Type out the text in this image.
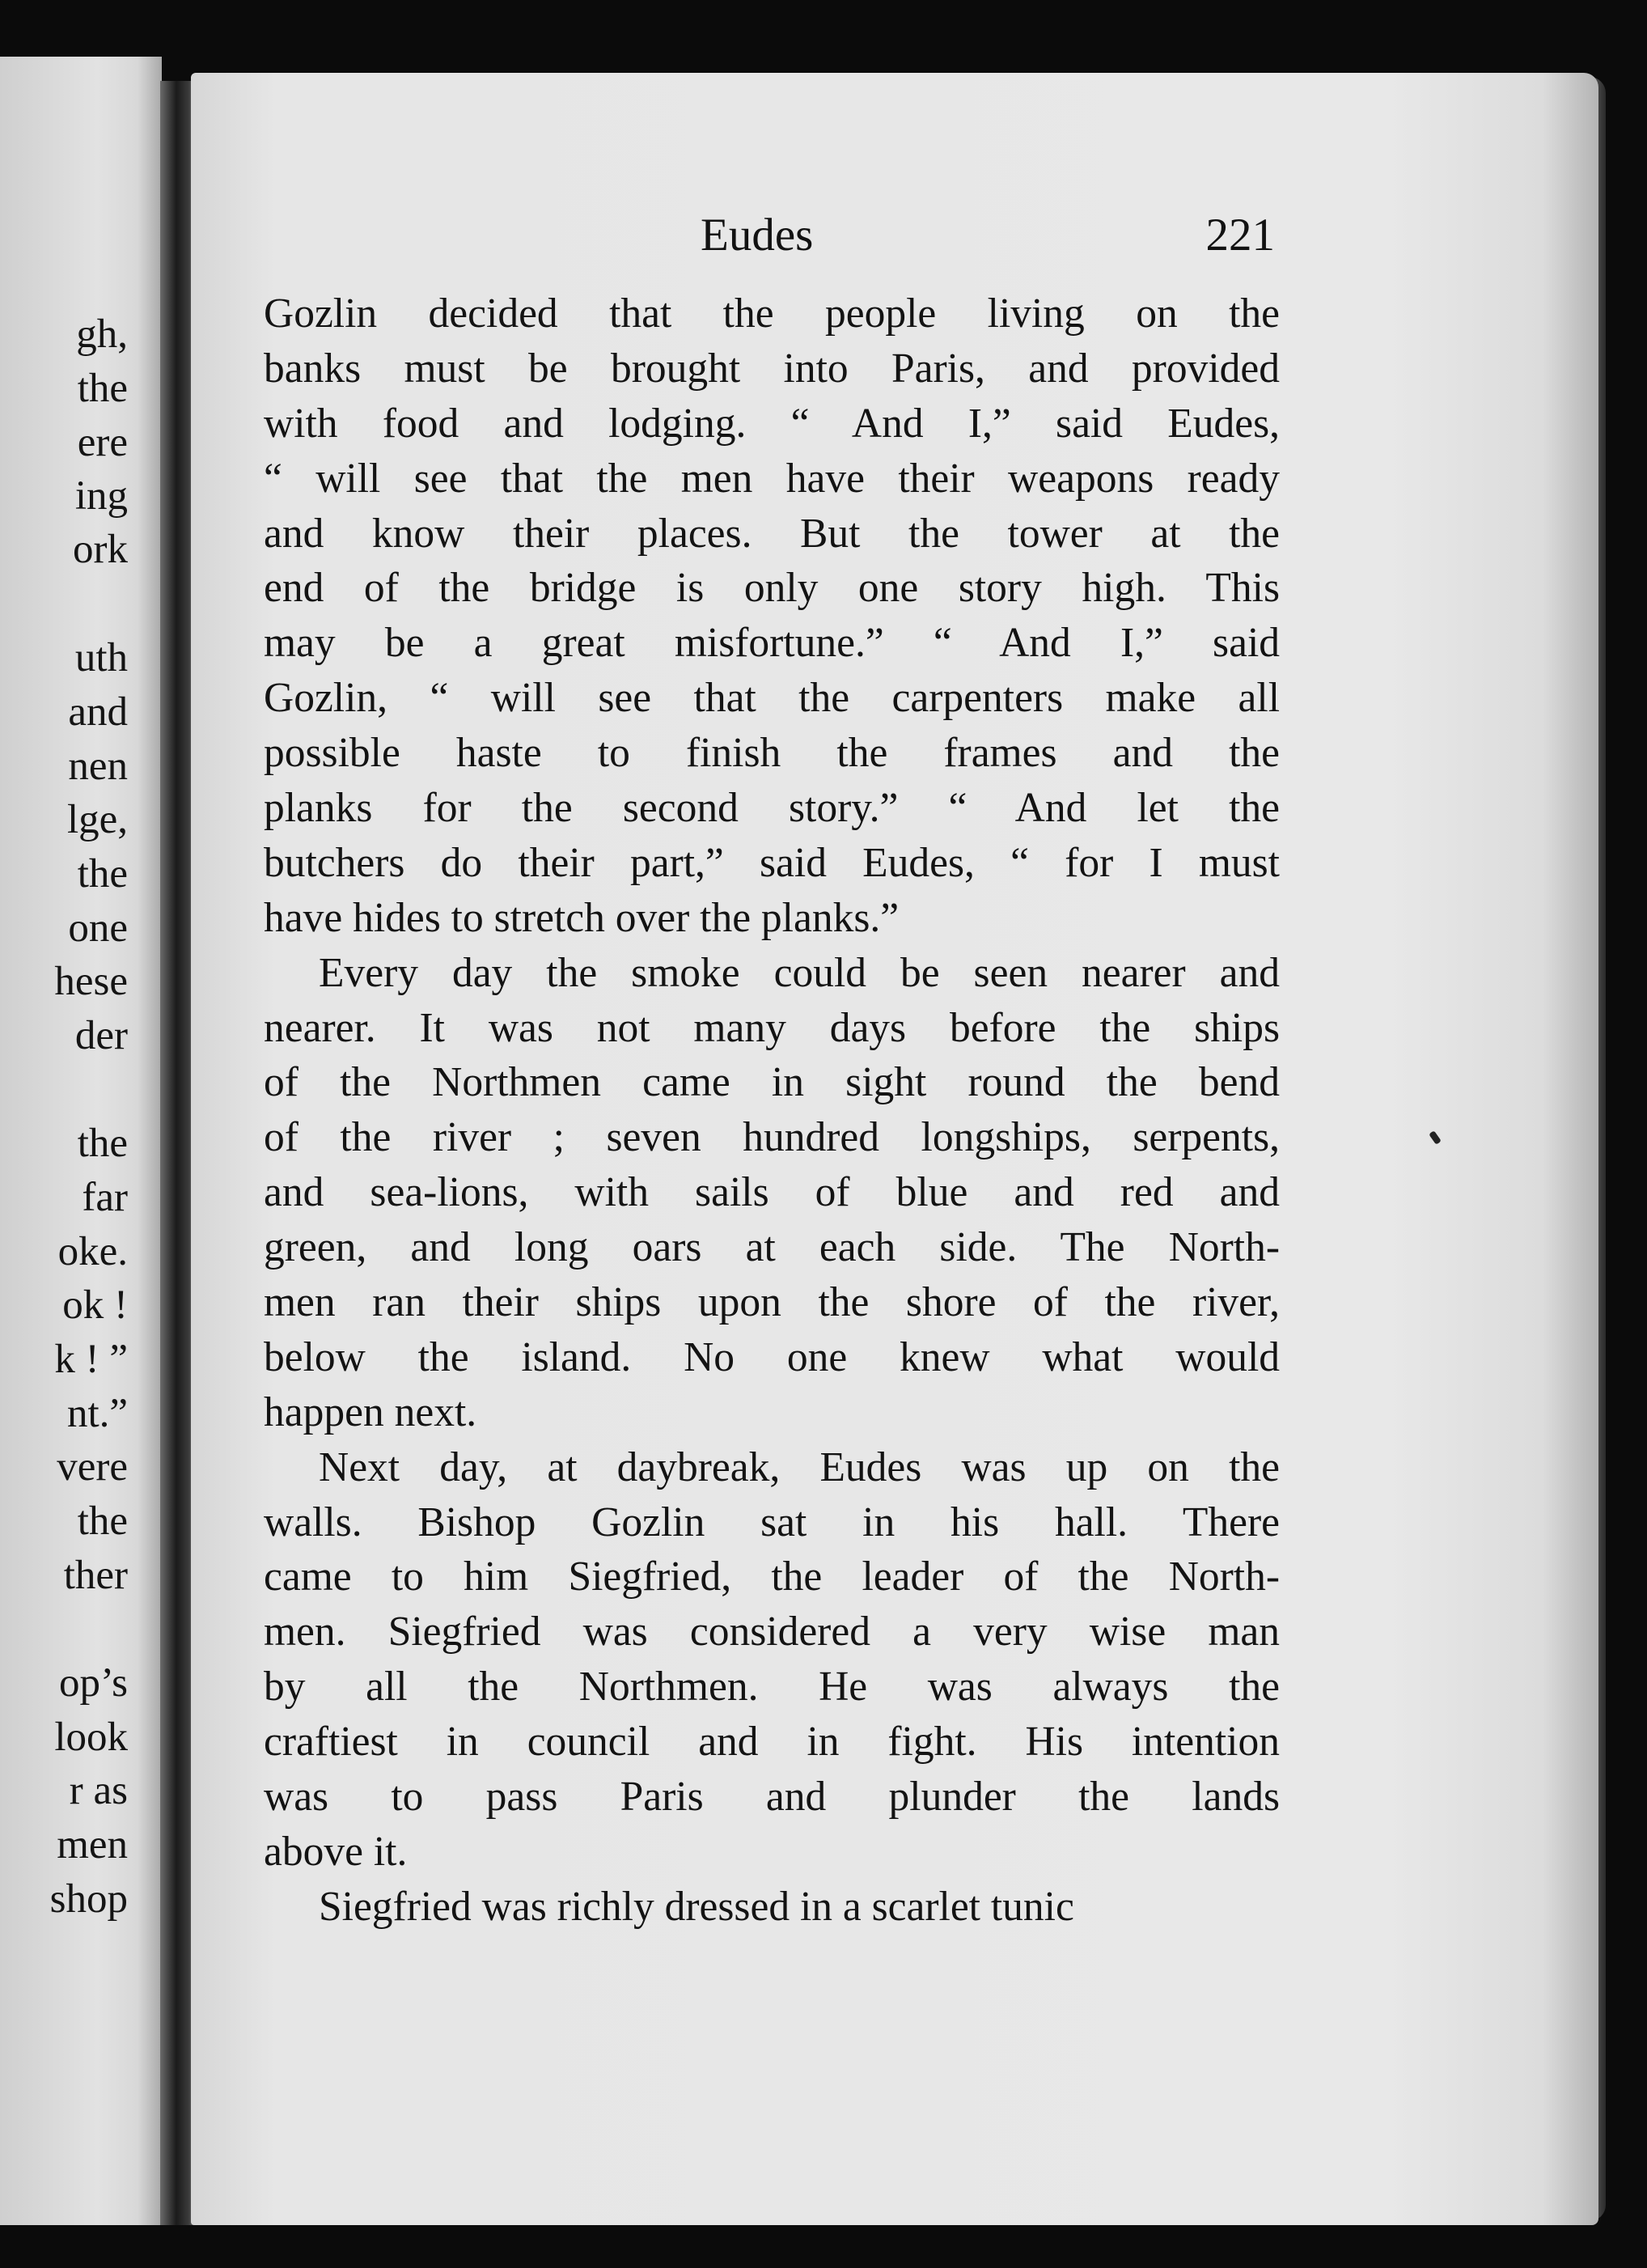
gh,
the
ere
ing
ork
uth
and
nen
lge,
the
one
hese
der
the
far
oke.
ok !
k ! ”
nt.”
vere
the
ther
op’s
look
r as
men
shop
Eudes	221
Gozlin decided that the people living on the
banks must be brought into Paris, and provided
with food and lodging. “ And I,” said Eudes,
“ will see that the men have their weapons ready
and know their places. But the tower at the
end of the bridge is only one story high. This
may be a great misfortune.” “ And I,” said
Gozlin, “ will see that the carpenters make all
possible haste to finish the frames and the
planks for the second story.” “ And let the
butchers do their part,” said Eudes, “ for I must
have hides to stretch over the planks.”
Every day the smoke could be seen nearer and
nearer. It was not many days before the ships
of the Northmen came in sight round the bend
of the river ; seven hundred longships, serpents,
and sea-lions, with sails of blue and red and
green, and long oars at each side. The North-
men ran their ships upon the shore of the river,
below the island. No one knew what would
happen next.
Next day, at daybreak, Eudes was up on the
walls. Bishop Gozlin sat in his hall. There
came to him Siegfried, the leader of the North-
men. Siegfried was considered a very wise man
by all the Northmen. He was always the
craftiest in council and in fight. His intention
was to pass Paris and plunder the lands
above it.
Siegfried was richly dressed in a scarlet tunic
